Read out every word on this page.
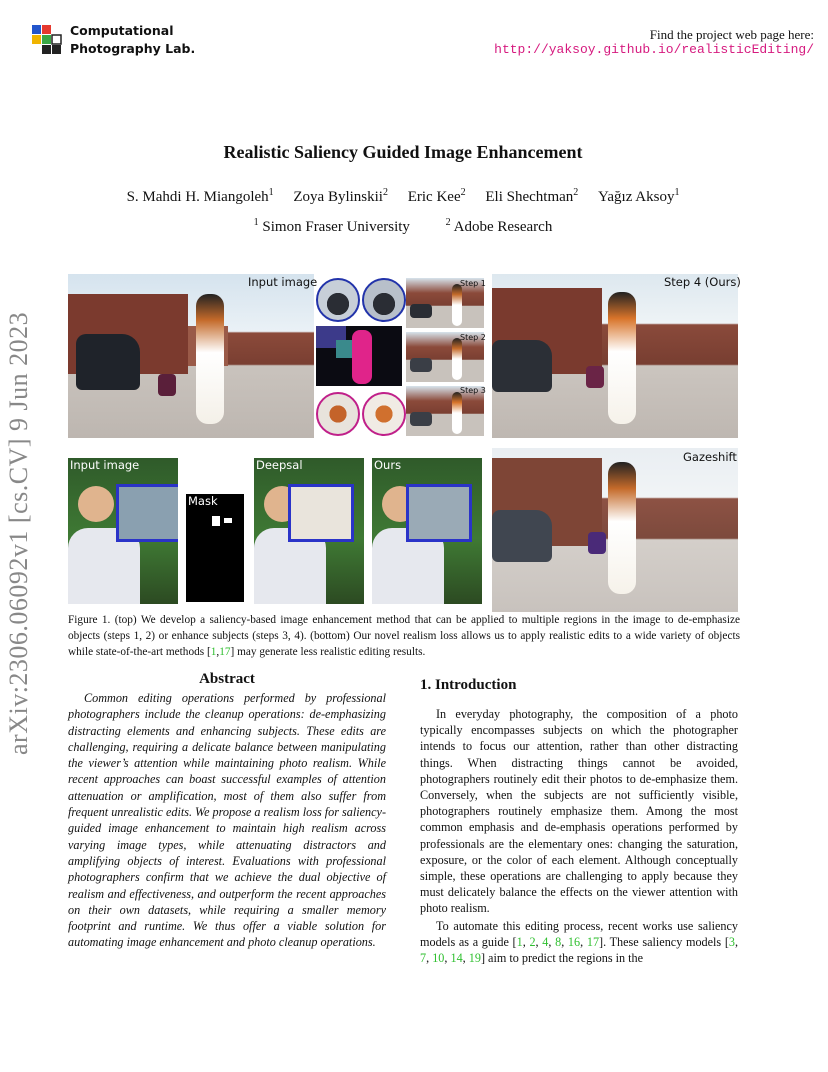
Computational
Photography Lab.
Find the project web page here:
http://yaksoy.github.io/realisticEditing/
arXiv:2306.06092v1 [cs.CV] 9 Jun 2023
Realistic Saliency Guided Image Enhancement
S. Mahdi H. Miangoleh$^1$ Zoya Bylinskii$^2$ Eric Kee$^2$ Eli Shechtman$^2$ Yağız Aksoy$^1$
$^1$ Simon Fraser University	$^2$ Adobe Research
Input image	Step 1
Step 2
Step 3
Step 4 (Ours)
Input image
Mask
Deepsal	Ours
Gazeshift
Figure 1. (top) We develop a saliency-based image enhancement method that can be applied to multiple regions in the image to de-emphasize objects (steps 1, 2) or enhance subjects (steps 3, 4). (bottom) Our novel realism loss allows us to apply realistic edits to a wide variety of objects while state-of-the-art methods [1,17] may generate less realistic editing results.
Abstract
Common editing operations performed by professional photographers include the cleanup operations: de-emphasizing distracting elements and enhancing subjects. These edits are challenging, requiring a delicate balance between manipulating the viewer’s attention while maintaining photo realism. While recent approaches can boast successful examples of attention attenuation or amplification, most of them also suffer from frequent unrealistic edits. We propose a realism loss for saliency-guided image enhancement to maintain high realism across varying image types, while attenuating distractors and amplifying objects of interest. Evaluations with professional photographers confirm that we achieve the dual objective of realism and effectiveness, and outperform the recent approaches on their own datasets, while requiring a smaller memory footprint and runtime. We thus offer a viable solution for automating image enhancement and photo cleanup operations.
1. Introduction
In everyday photography, the composition of a photo typically encompasses subjects on which the photographer intends to focus our attention, rather than other distracting things. When distracting things cannot be avoided, photographers routinely edit their photos to de-emphasize them. Conversely, when the subjects are not sufficiently visible, photographers routinely emphasize them. Among the most common emphasis and de-emphasis operations performed by professionals are the elementary ones: changing the saturation, exposure, or the color of each element. Although conceptually simple, these operations are challenging to apply because they must delicately balance the effects on the viewer attention with photo realism.
To automate this editing process, recent works use saliency models as a guide [1, 2, 4, 8, 16, 17]. These saliency models [3, 7, 10, 14, 19] aim to predict the regions in the
